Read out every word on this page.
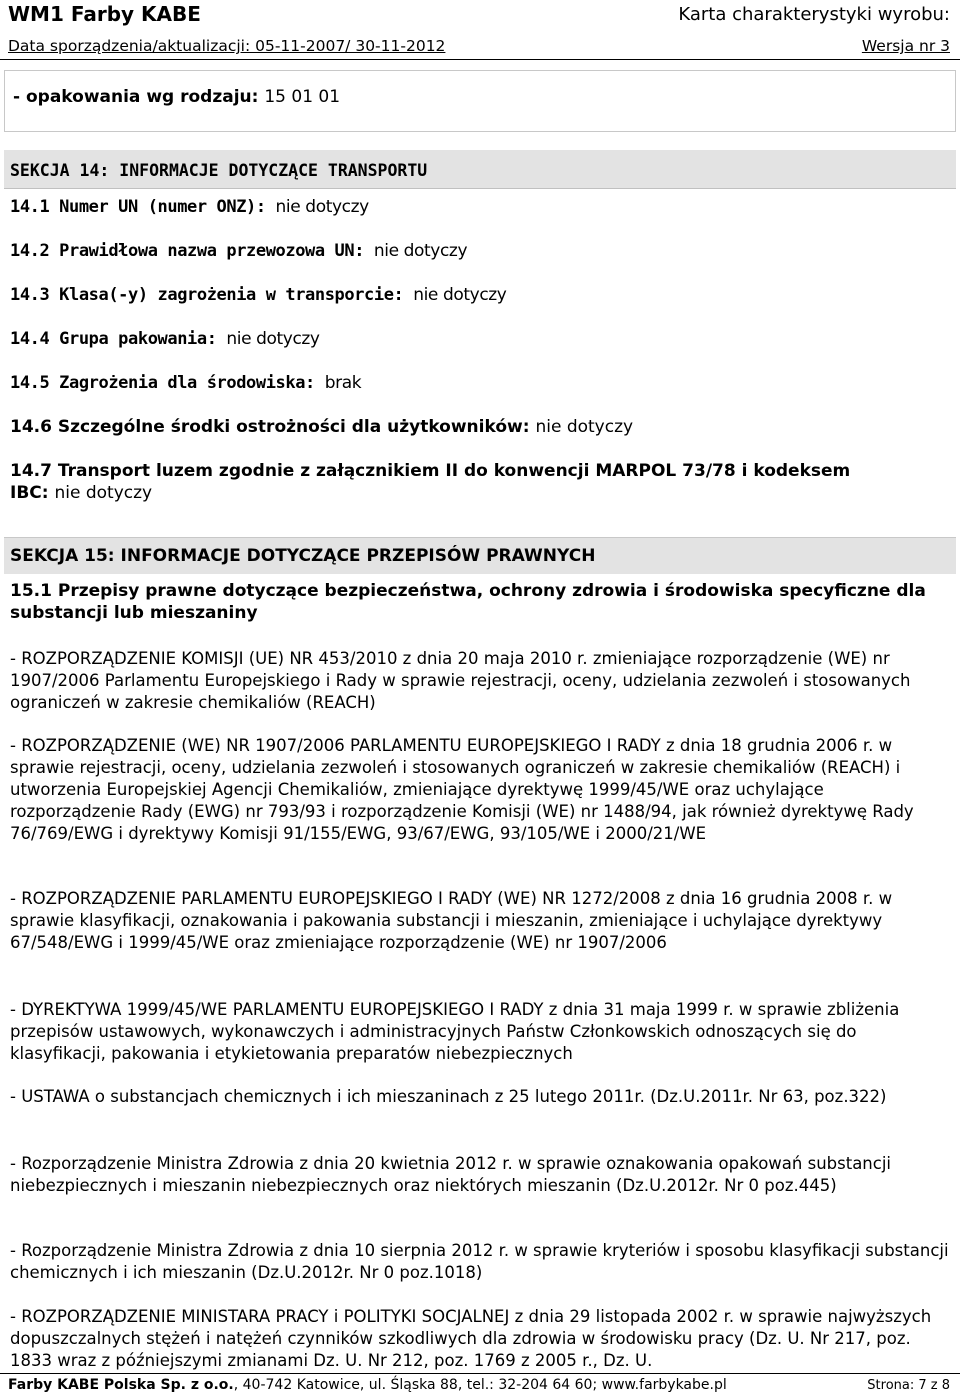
WM1 Farby KABE	Karta charakterystyki wyrobu:
Data sporządzenia/aktualizacji: 05-11-2007/ 30-11-2012	Wersja nr 3
- opakowania wg rodzaju: 15 01 01
SEKCJA 14: INFORMACJE DOTYCZĄCE TRANSPORTU
14.1 Numer UN (numer ONZ): nie dotyczy
14.2 Prawidłowa nazwa przewozowa UN: nie dotyczy
14.3 Klasa(-y) zagrożenia w transporcie: nie dotyczy
14.4 Grupa pakowania: nie dotyczy
14.5 Zagrożenia dla środowiska: brak
14.6 Szczególne środki ostrożności dla użytkowników: nie dotyczy
14.7 Transport luzem zgodnie z załącznikiem II do konwencji MARPOL 73/78 i kodeksem
IBC: nie dotyczy
SEKCJA 15: INFORMACJE DOTYCZĄCE PRZEPISÓW PRAWNYCH
15.1 Przepisy prawne dotyczące bezpieczeństwa, ochrony zdrowia i środowiska specyficzne dla substancji lub mieszaniny
- ROZPORZĄDZENIE KOMISJI (UE) NR 453/2010 z dnia 20 maja 2010 r. zmieniające rozporządzenie (WE) nr 1907/2006 Parlamentu Europejskiego i Rady w sprawie rejestracji, oceny, udzielania zezwoleń i stosowanych ograniczeń w zakresie chemikaliów (REACH)
- ROZPORZĄDZENIE (WE) NR 1907/2006 PARLAMENTU EUROPEJSKIEGO I RADY z dnia 18 grudnia 2006 r. w sprawie rejestracji, oceny, udzielania zezwoleń i stosowanych ograniczeń w zakresie chemikaliów (REACH) i utworzenia Europejskiej Agencji Chemikaliów, zmieniające dyrektywę 1999/45/WE oraz uchylające rozporządzenie Rady (EWG) nr 793/93 i rozporządzenie Komisji (WE) nr 1488/94, jak również dyrektywę Rady 76/769/EWG i dyrektywy Komisji 91/155/EWG, 93/67/EWG, 93/105/WE i 2000/21/WE
- ROZPORZĄDZENIE PARLAMENTU EUROPEJSKIEGO I RADY (WE) NR 1272/2008 z dnia 16 grudnia 2008 r. w sprawie klasyfikacji, oznakowania i pakowania substancji i mieszanin, zmieniające i uchylające dyrektywy 67/548/EWG i 1999/45/WE oraz zmieniające rozporządzenie (WE) nr 1907/2006
- DYREKTYWA 1999/45/WE PARLAMENTU EUROPEJSKIEGO I RADY z dnia 31 maja 1999 r. w sprawie zbliżenia przepisów ustawowych, wykonawczych i administracyjnych Państw Członkowskich odnoszących się do klasyfikacji, pakowania i etykietowania preparatów niebezpiecznych
- USTAWA o substancjach chemicznych i ich mieszaninach z 25 lutego 2011r. (Dz.U.2011r. Nr 63, poz.322)
- Rozporządzenie Ministra Zdrowia z dnia 20 kwietnia 2012 r. w sprawie oznakowania opakowań substancji niebezpiecznych i mieszanin niebezpiecznych oraz niektórych mieszanin (Dz.U.2012r. Nr 0 poz.445)
- Rozporządzenie Ministra Zdrowia z dnia 10 sierpnia 2012 r. w sprawie kryteriów i sposobu klasyfikacji substancji chemicznych i ich mieszanin (Dz.U.2012r. Nr 0 poz.1018)
- ROZPORZĄDZENIE MINISTARA PRACY i POLITYKI SOCJALNEJ z dnia 29 listopada 2002 r. w sprawie najwyższych dopuszczalnych stężeń i natężeń czynników szkodliwych dla zdrowia w środowisku pracy (Dz. U. Nr 217, poz. 1833 wraz z późniejszymi zmianami Dz. U. Nr 212, poz. 1769 z 2005 r., Dz. U.
Farby KABE Polska Sp. z o.o., 40-742 Katowice, ul. Śląska 88, tel.: 32-204 64 60; www.farbykabe.pl	Strona: 7 z 8
